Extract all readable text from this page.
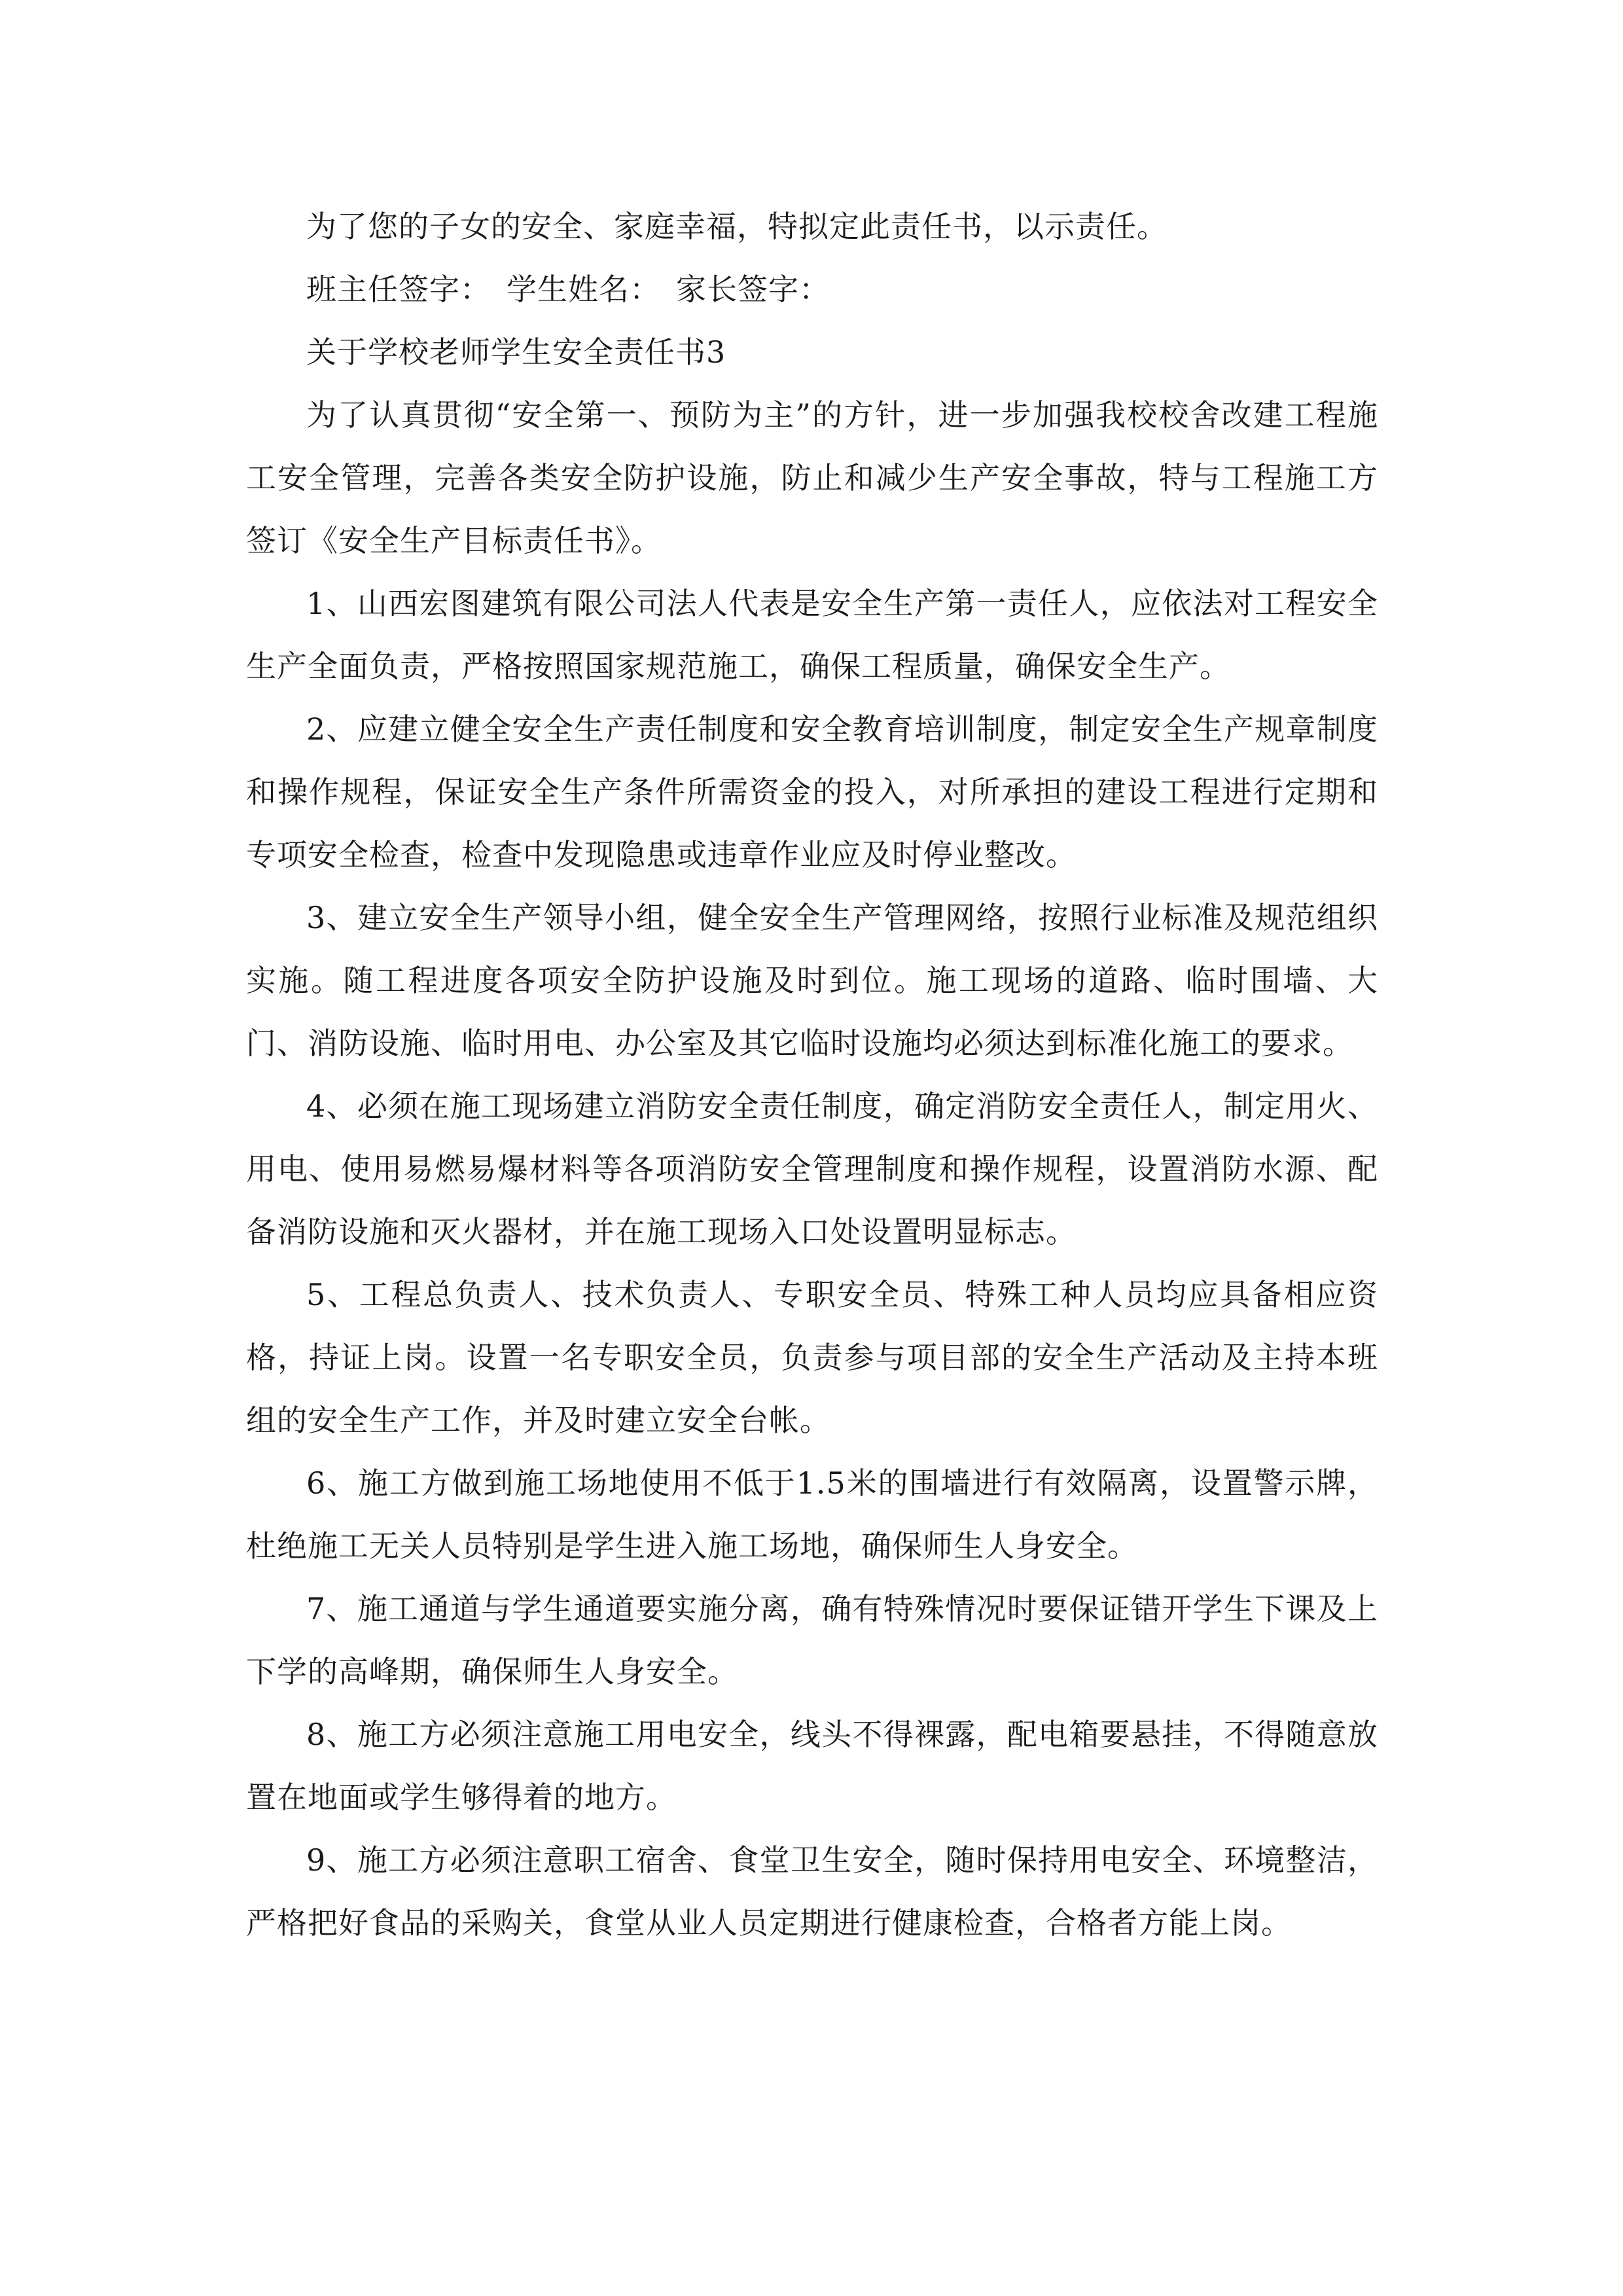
为了您的子女的安全、家庭幸福，特拟定此责任书，以示责任。

班主任签字：　学生姓名：　家长签字：

关于学校老师学生安全责任书3

为了认真贯彻“安全第一、预防为主”的方针，进一步加强我校校舍改建工程施工安全管理，完善各类安全防护设施，防止和减少生产安全事故，特与工程施工方签订《安全生产目标责任书》。

1、山西宏图建筑有限公司法人代表是安全生产第一责任人，应依法对工程安全生产全面负责，严格按照国家规范施工，确保工程质量，确保安全生产。

2、应建立健全安全生产责任制度和安全教育培训制度，制定安全生产规章制度和操作规程，保证安全生产条件所需资金的投入，对所承担的建设工程进行定期和专项安全检查，检查中发现隐患或违章作业应及时停业整改。

3、建立安全生产领导小组，健全安全生产管理网络，按照行业标准及规范组织实施。随工程进度各项安全防护设施及时到位。施工现场的道路、临时围墙、大门、消防设施、临时用电、办公室及其它临时设施均必须达到标准化施工的要求。

4、必须在施工现场建立消防安全责任制度，确定消防安全责任人，制定用火、用电、使用易燃易爆材料等各项消防安全管理制度和操作规程，设置消防水源、配备消防设施和灭火器材，并在施工现场入口处设置明显标志。

5、工程总负责人、技术负责人、专职安全员、特殊工种人员均应具备相应资格，持证上岗。设置一名专职安全员，负责参与项目部的安全生产活动及主持本班组的安全生产工作，并及时建立安全台帐。

6、施工方做到施工场地使用不低于1.5米的围墙进行有效隔离，设置警示牌，杜绝施工无关人员特别是学生进入施工场地，确保师生人身安全。

7、施工通道与学生通道要实施分离，确有特殊情况时要保证错开学生下课及上下学的高峰期，确保师生人身安全。

8、施工方必须注意施工用电安全，线头不得裸露，配电箱要悬挂，不得随意放置在地面或学生够得着的地方。

9、施工方必须注意职工宿舍、食堂卫生安全，随时保持用电安全、环境整洁，严格把好食品的采购关，食堂从业人员定期进行健康检查，合格者方能上岗。
